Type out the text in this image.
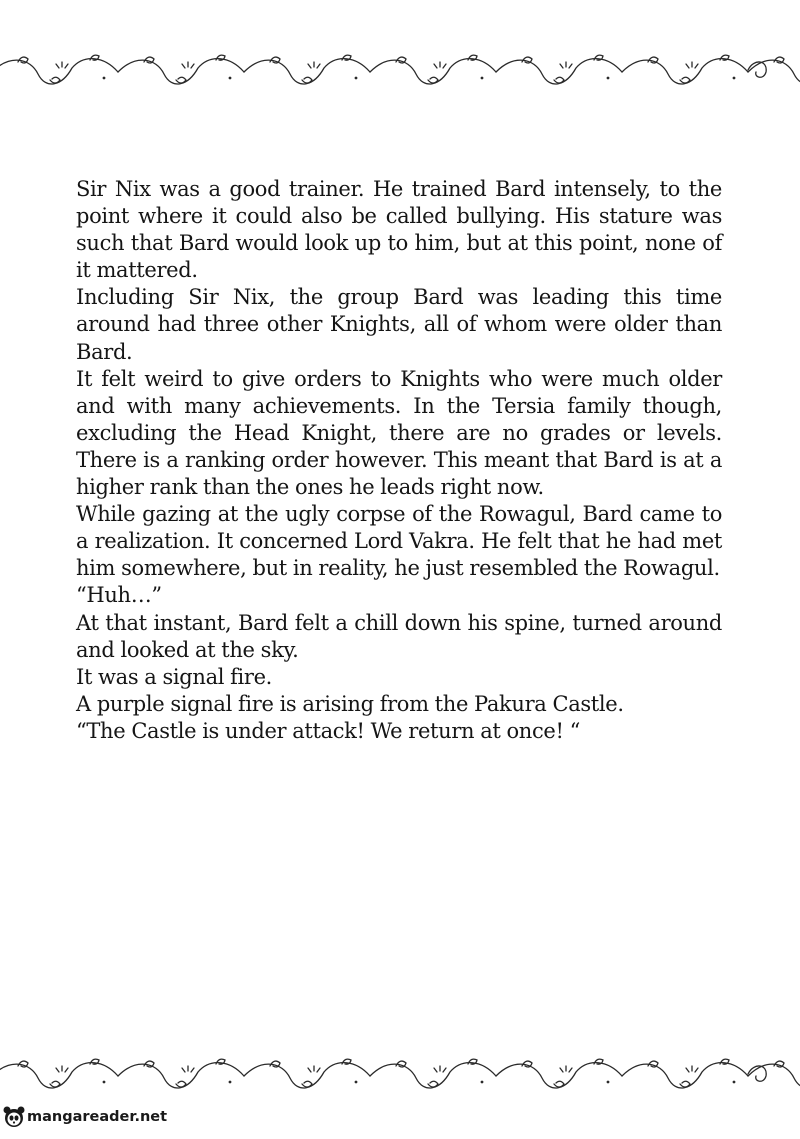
Sir Nix was a good trainer. He trained Bard intensely, to the point where it could also be called bullying. His stature was such that Bard would look up to him, but at this point, none of it mattered.

Including Sir Nix, the group Bard was leading this time around had three other Knights, all of whom were older than Bard.

It felt weird to give orders to Knights who were much older and with many achievements. In the Tersia family though, excluding the Head Knight, there are no grades or levels. There is a ranking order however. This meant that Bard is at a higher rank than the ones he leads right now.

While gazing at the ugly corpse of the Rowagul, Bard came to a realization. It concerned Lord Vakra. He felt that he had met him somewhere, but in reality, he just resembled the Rowagul.

“Huh…”

At that instant, Bard felt a chill down his spine, turned around and looked at the sky.

It was a signal fire.

A purple signal fire is arising from the Pakura Castle.

“The Castle is under attack! We return at once! “

mangareader.net
